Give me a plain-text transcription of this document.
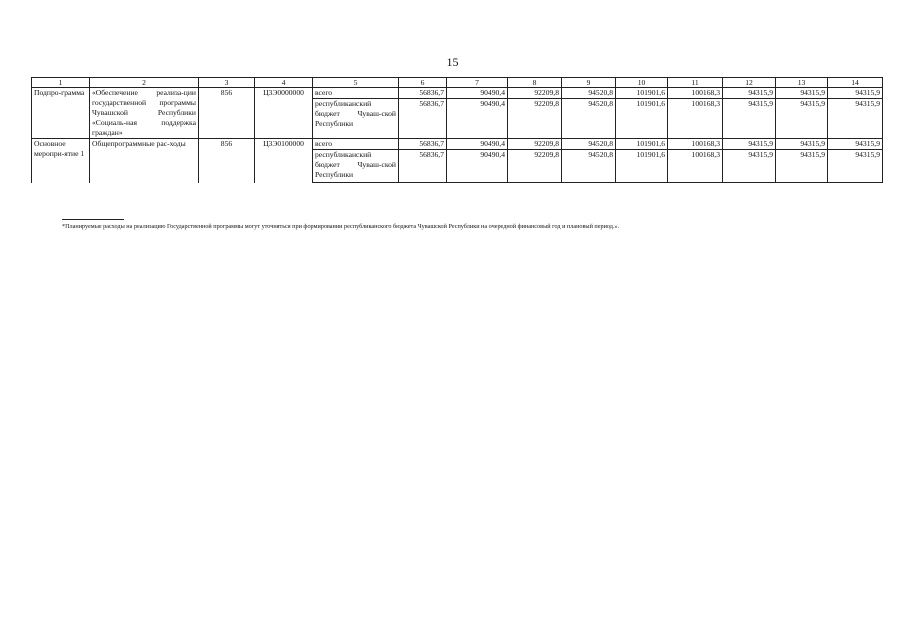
15
1	2	3	4	5	6	7	8	9	10	11	12	13	14
Подпро-грамма	«Обеспечение реализа-ции государственной программы Чувашской Республики «Социаль-ная поддержка граждан»	856	Ц3Э0000000	всего	56836,7	90490,4	92209,8	94520,8	101901,6	100168,3	94315,9	94315,9	94315,9
				республиканский бюджет Чуваш-ской Республики	56836,7	90490,4	92209,8	94520,8	101901,6	100168,3	94315,9	94315,9	94315,9
Основное меропри-ятие 1	Общепрограммные рас-ходы	856	Ц3Э0100000	всего	56836,7	90490,4	92209,8	94520,8	101901,6	100168,3	94315,9	94315,9	94315,9
				республиканский бюджет Чуваш-ской Республики	56836,7	90490,4	92209,8	94520,8	101901,6	100168,3	94315,9	94315,9	94315,9
*Планируемые расходы на реализацию Государственной программы могут уточняться при формировании республиканского бюджета Чувашской Республики на очередной финансовый год и плановый период.».
